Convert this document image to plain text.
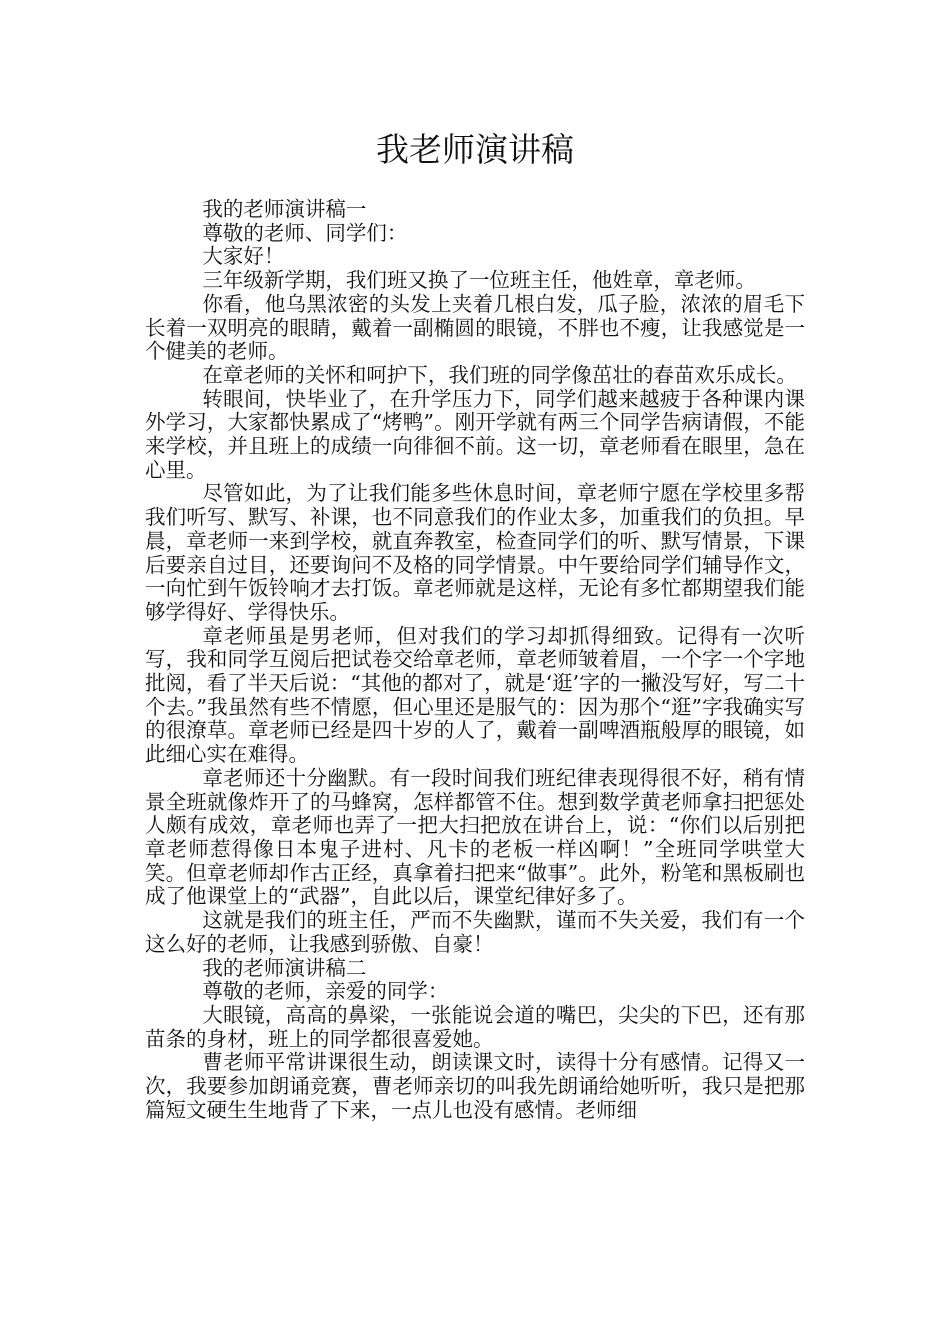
我老师演讲稿

我的老师演讲稿一

尊敬的老师、同学们：

大家好！

三年级新学期，我们班又换了一位班主任，他姓章，章老师。

你看，他乌黑浓密的头发上夹着几根白发，瓜子脸，浓浓的眉毛下长着一双明亮的眼睛，戴着一副椭圆的眼镜，不胖也不瘦，让我感觉是一个健美的老师。

在章老师的关怀和呵护下，我们班的同学像茁壮的春苗欢乐成长。

转眼间，快毕业了，在升学压力下，同学们越来越疲于各种课内课外学习，大家都快累成了“烤鸭”。刚开学就有两三个同学告病请假，不能来学校，并且班上的成绩一向徘徊不前。这一切，章老师看在眼里，急在心里。

尽管如此，为了让我们能多些休息时间，章老师宁愿在学校里多帮我们听写、默写、补课，也不同意我们的作业太多，加重我们的负担。早晨，章老师一来到学校，就直奔教室，检查同学们的听、默写情景，下课后要亲自过目，还要询问不及格的同学情景。中午要给同学们辅导作文，一向忙到午饭铃响才去打饭。章老师就是这样，无论有多忙都期望我们能够学得好、学得快乐。

章老师虽是男老师，但对我们的学习却抓得细致。记得有一次听写，我和同学互阅后把试卷交给章老师，章老师皱着眉，一个字一个字地批阅，看了半天后说：“其他的都对了，就是‘逛’字的一撇没写好，写二十个去。”我虽然有些不情愿，但心里还是服气的：因为那个“逛”字我确实写的很潦草。章老师已经是四十岁的人了，戴着一副啤酒瓶般厚的眼镜，如此细心实在难得。

章老师还十分幽默。有一段时间我们班纪律表现得很不好，稍有情景全班就像炸开了的马蜂窝，怎样都管不住。想到数学黄老师拿扫把惩处人颇有成效，章老师也弄了一把大扫把放在讲台上，说：“你们以后别把章老师惹得像日本鬼子进村、凡卡的老板一样凶啊！”全班同学哄堂大笑。但章老师却作古正经，真拿着扫把来“做事”。此外，粉笔和黑板刷也成了他课堂上的“武器”，自此以后，课堂纪律好多了。

这就是我们的班主任，严而不失幽默，谨而不失关爱，我们有一个这么好的老师，让我感到骄傲、自豪！

我的老师演讲稿二

尊敬的老师，亲爱的同学：

大眼镜，高高的鼻梁，一张能说会道的嘴巴，尖尖的下巴，还有那苗条的身材，班上的同学都很喜爱她。

曹老师平常讲课很生动，朗读课文时，读得十分有感情。记得又一次，我要参加朗诵竞赛，曹老师亲切的叫我先朗诵给她听听，我只是把那篇短文硬生生地背了下来，一点儿也没有感情。老师细
